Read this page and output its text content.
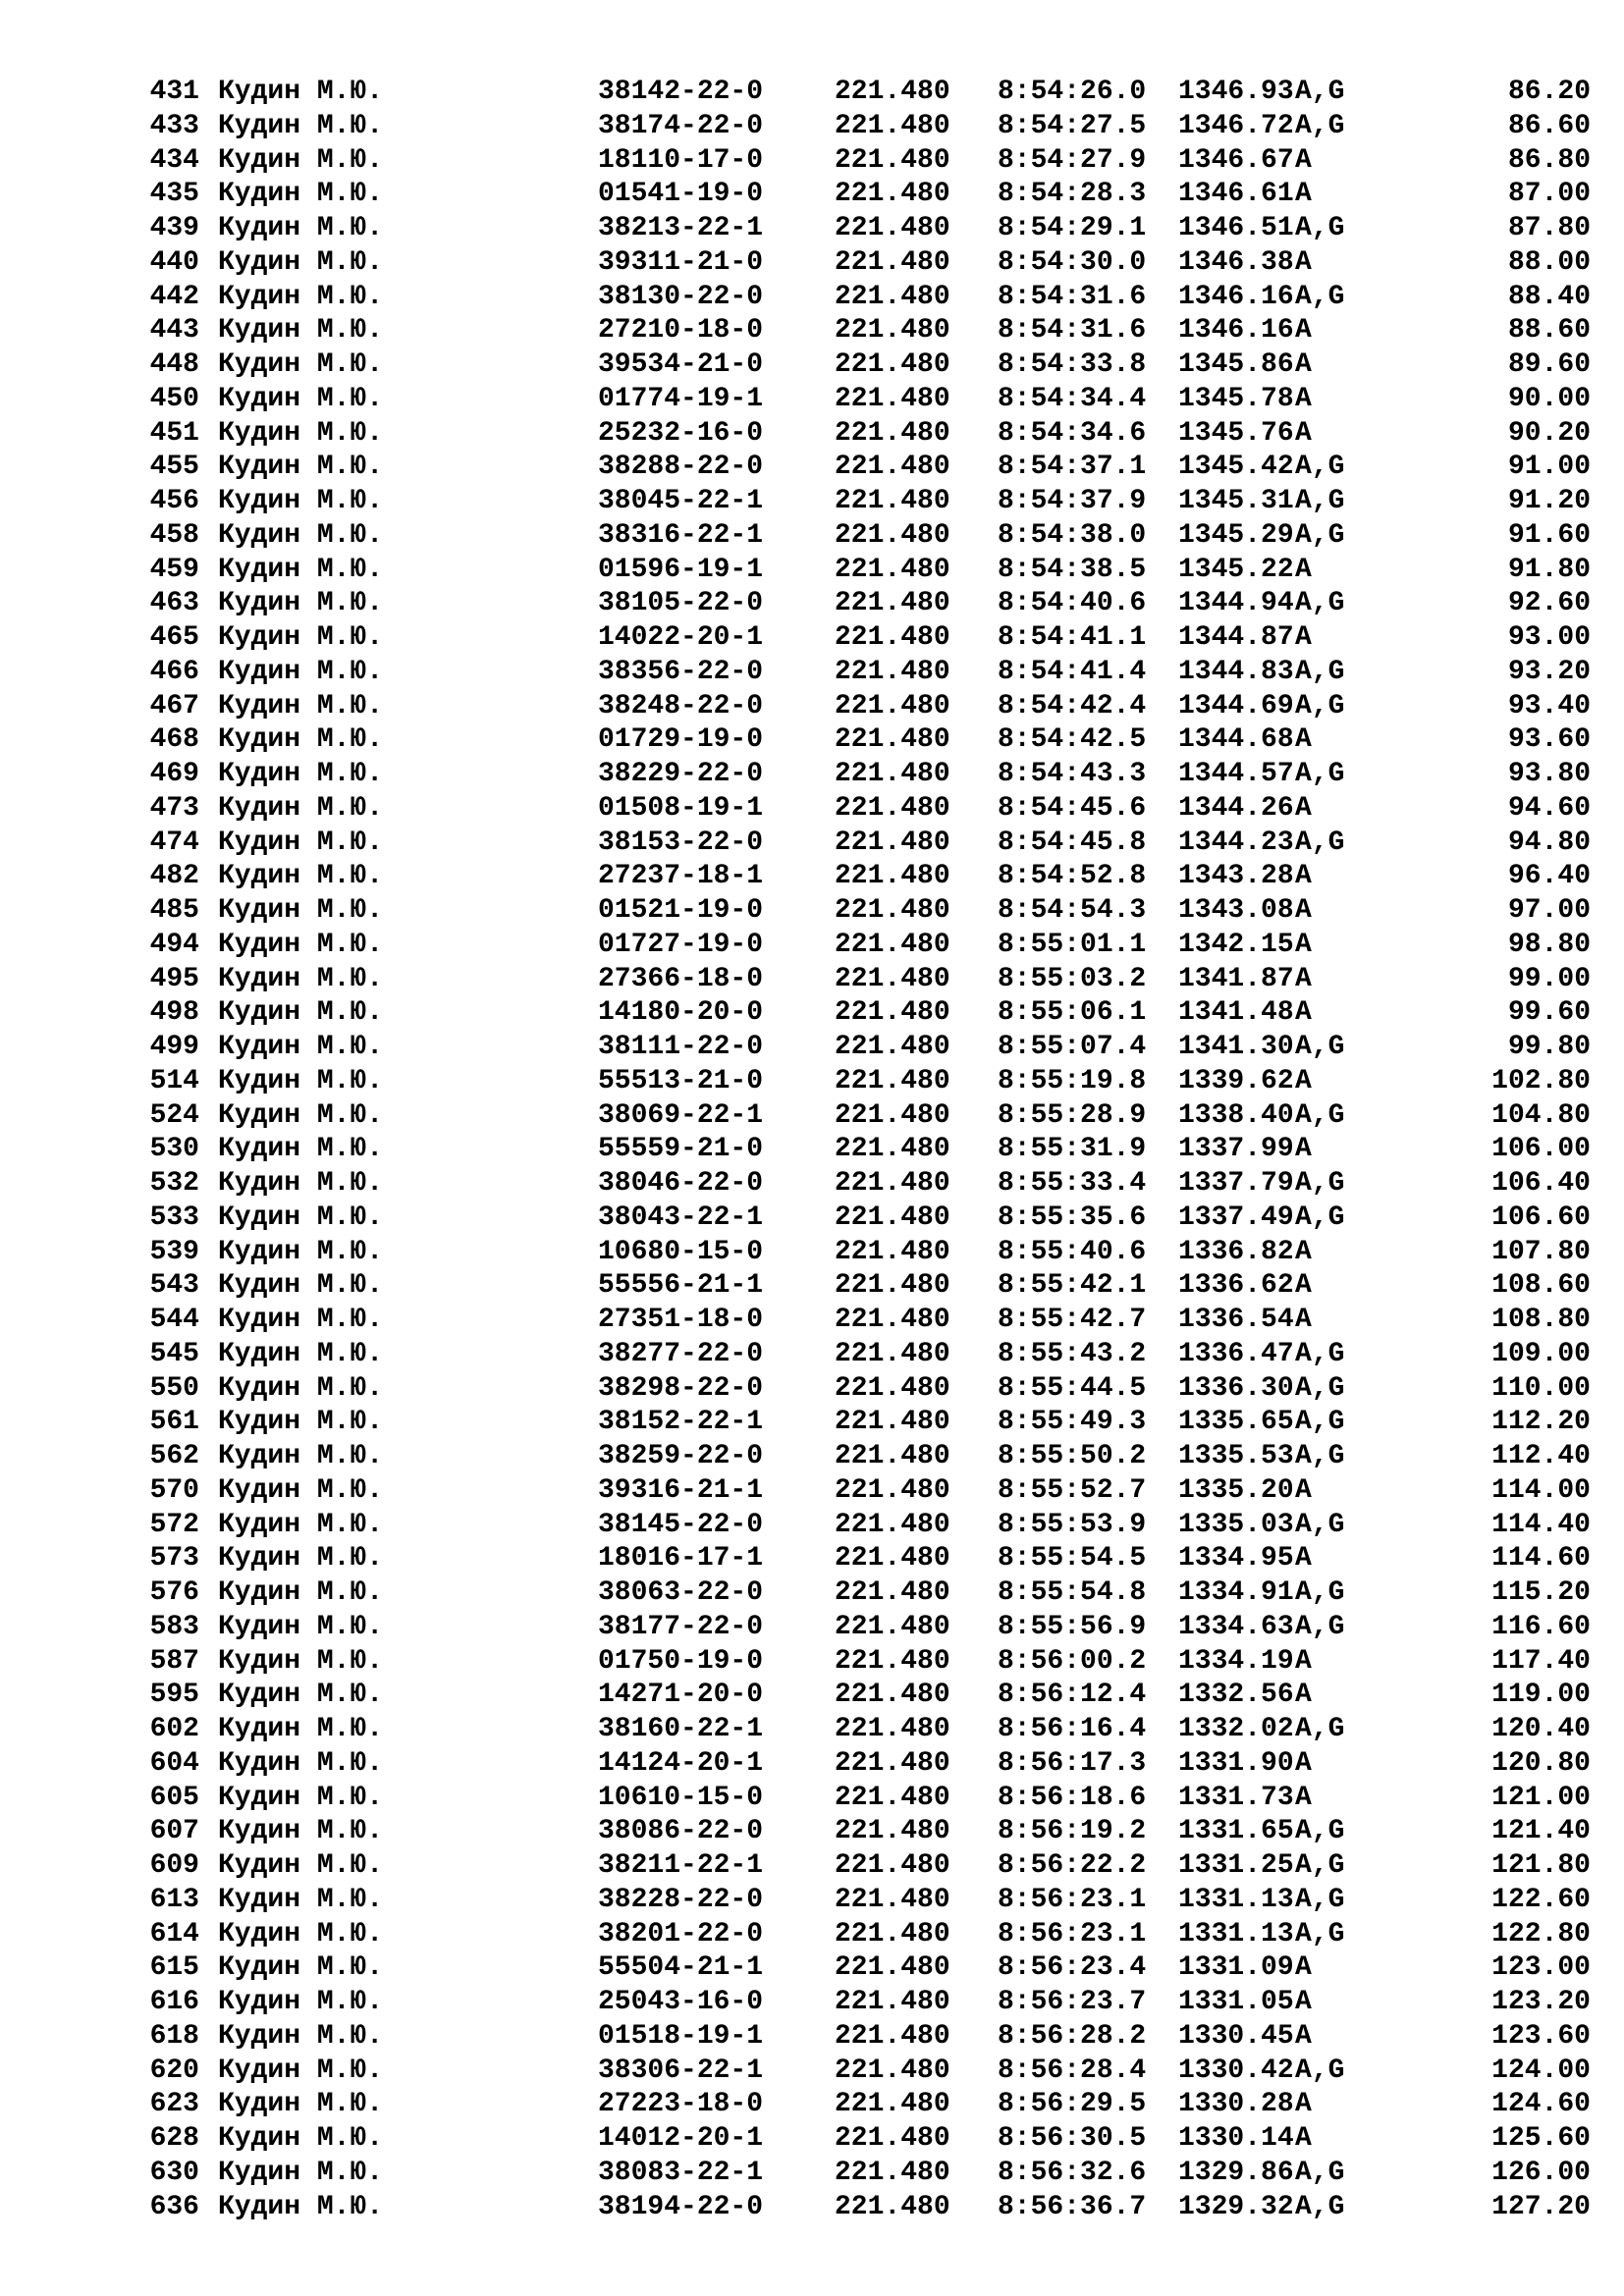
431 Кудин М.Ю.	38142-22-0	221.480 8:54:26.0 1346.93 A,G	86.20
433 Кудин М.Ю.	38174-22-0	221.480 8:54:27.5 1346.72 A,G	86.60
434 Кудин М.Ю.	18110-17-0	221.480 8:54:27.9 1346.67 A	86.80
435 Кудин М.Ю.	01541-19-0	221.480 8:54:28.3 1346.61 A	87.00
439 Кудин М.Ю.	38213-22-1	221.480 8:54:29.1 1346.51 A,G	87.80
440 Кудин М.Ю.	39311-21-0	221.480 8:54:30.0 1346.38 A	88.00
442 Кудин М.Ю.	38130-22-0	221.480 8:54:31.6 1346.16 A,G	88.40
443 Кудин М.Ю.	27210-18-0	221.480 8:54:31.6 1346.16 A	88.60
448 Кудин М.Ю.	39534-21-0	221.480 8:54:33.8 1345.86 A	89.60
450 Кудин М.Ю.	01774-19-1	221.480 8:54:34.4 1345.78 A	90.00
451 Кудин М.Ю.	25232-16-0	221.480 8:54:34.6 1345.76 A	90.20
455 Кудин М.Ю.	38288-22-0	221.480 8:54:37.1 1345.42 A,G	91.00
456 Кудин М.Ю.	38045-22-1	221.480 8:54:37.9 1345.31 A,G	91.20
458 Кудин М.Ю.	38316-22-1	221.480 8:54:38.0 1345.29 A,G	91.60
459 Кудин М.Ю.	01596-19-1	221.480 8:54:38.5 1345.22 A	91.80
463 Кудин М.Ю.	38105-22-0	221.480 8:54:40.6 1344.94 A,G	92.60
465 Кудин М.Ю.	14022-20-1	221.480 8:54:41.1 1344.87 A	93.00
466 Кудин М.Ю.	38356-22-0	221.480 8:54:41.4 1344.83 A,G	93.20
467 Кудин М.Ю.	38248-22-0	221.480 8:54:42.4 1344.69 A,G	93.40
468 Кудин М.Ю.	01729-19-0	221.480 8:54:42.5 1344.68 A	93.60
469 Кудин М.Ю.	38229-22-0	221.480 8:54:43.3 1344.57 A,G	93.80
473 Кудин М.Ю.	01508-19-1	221.480 8:54:45.6 1344.26 A	94.60
474 Кудин М.Ю.	38153-22-0	221.480 8:54:45.8 1344.23 A,G	94.80
482 Кудин М.Ю.	27237-18-1	221.480 8:54:52.8 1343.28 A	96.40
485 Кудин М.Ю.	01521-19-0	221.480 8:54:54.3 1343.08 A	97.00
494 Кудин М.Ю.	01727-19-0	221.480 8:55:01.1 1342.15 A	98.80
495 Кудин М.Ю.	27366-18-0	221.480 8:55:03.2 1341.87 A	99.00
498 Кудин М.Ю.	14180-20-0	221.480 8:55:06.1 1341.48 A	99.60
499 Кудин М.Ю.	38111-22-0	221.480 8:55:07.4 1341.30 A,G	99.80
514 Кудин М.Ю.	55513-21-0	221.480 8:55:19.8 1339.62 A	102.80
524 Кудин М.Ю.	38069-22-1	221.480 8:55:28.9 1338.40 A,G	104.80
530 Кудин М.Ю.	55559-21-0	221.480 8:55:31.9 1337.99 A	106.00
532 Кудин М.Ю.	38046-22-0	221.480 8:55:33.4 1337.79 A,G	106.40
533 Кудин М.Ю.	38043-22-1	221.480 8:55:35.6 1337.49 A,G	106.60
539 Кудин М.Ю.	10680-15-0	221.480 8:55:40.6 1336.82 A	107.80
543 Кудин М.Ю.	55556-21-1	221.480 8:55:42.1 1336.62 A	108.60
544 Кудин М.Ю.	27351-18-0	221.480 8:55:42.7 1336.54 A	108.80
545 Кудин М.Ю.	38277-22-0	221.480 8:55:43.2 1336.47 A,G	109.00
550 Кудин М.Ю.	38298-22-0	221.480 8:55:44.5 1336.30 A,G	110.00
561 Кудин М.Ю.	38152-22-1	221.480 8:55:49.3 1335.65 A,G	112.20
562 Кудин М.Ю.	38259-22-0	221.480 8:55:50.2 1335.53 A,G	112.40
570 Кудин М.Ю.	39316-21-1	221.480 8:55:52.7 1335.20 A	114.00
572 Кудин М.Ю.	38145-22-0	221.480 8:55:53.9 1335.03 A,G	114.40
573 Кудин М.Ю.	18016-17-1	221.480 8:55:54.5 1334.95 A	114.60
576 Кудин М.Ю.	38063-22-0	221.480 8:55:54.8 1334.91 A,G	115.20
583 Кудин М.Ю.	38177-22-0	221.480 8:55:56.9 1334.63 A,G	116.60
587 Кудин М.Ю.	01750-19-0	221.480 8:56:00.2 1334.19 A	117.40
595 Кудин М.Ю.	14271-20-0	221.480 8:56:12.4 1332.56 A	119.00
602 Кудин М.Ю.	38160-22-1	221.480 8:56:16.4 1332.02 A,G	120.40
604 Кудин М.Ю.	14124-20-1	221.480 8:56:17.3 1331.90 A	120.80
605 Кудин М.Ю.	10610-15-0	221.480 8:56:18.6 1331.73 A	121.00
607 Кудин М.Ю.	38086-22-0	221.480 8:56:19.2 1331.65 A,G	121.40
609 Кудин М.Ю.	38211-22-1	221.480 8:56:22.2 1331.25 A,G	121.80
613 Кудин М.Ю.	38228-22-0	221.480 8:56:23.1 1331.13 A,G	122.60
614 Кудин М.Ю.	38201-22-0	221.480 8:56:23.1 1331.13 A,G	122.80
615 Кудин М.Ю.	55504-21-1	221.480 8:56:23.4 1331.09 A	123.00
616 Кудин М.Ю.	25043-16-0	221.480 8:56:23.7 1331.05 A	123.20
618 Кудин М.Ю.	01518-19-1	221.480 8:56:28.2 1330.45 A	123.60
620 Кудин М.Ю.	38306-22-1	221.480 8:56:28.4 1330.42 A,G	124.00
623 Кудин М.Ю.	27223-18-0	221.480 8:56:29.5 1330.28 A	124.60
628 Кудин М.Ю.	14012-20-1	221.480 8:56:30.5 1330.14 A	125.60
630 Кудин М.Ю.	38083-22-1	221.480 8:56:32.6 1329.86 A,G	126.00
636 Кудин М.Ю.	38194-22-0	221.480 8:56:36.7 1329.32 A,G	127.20
